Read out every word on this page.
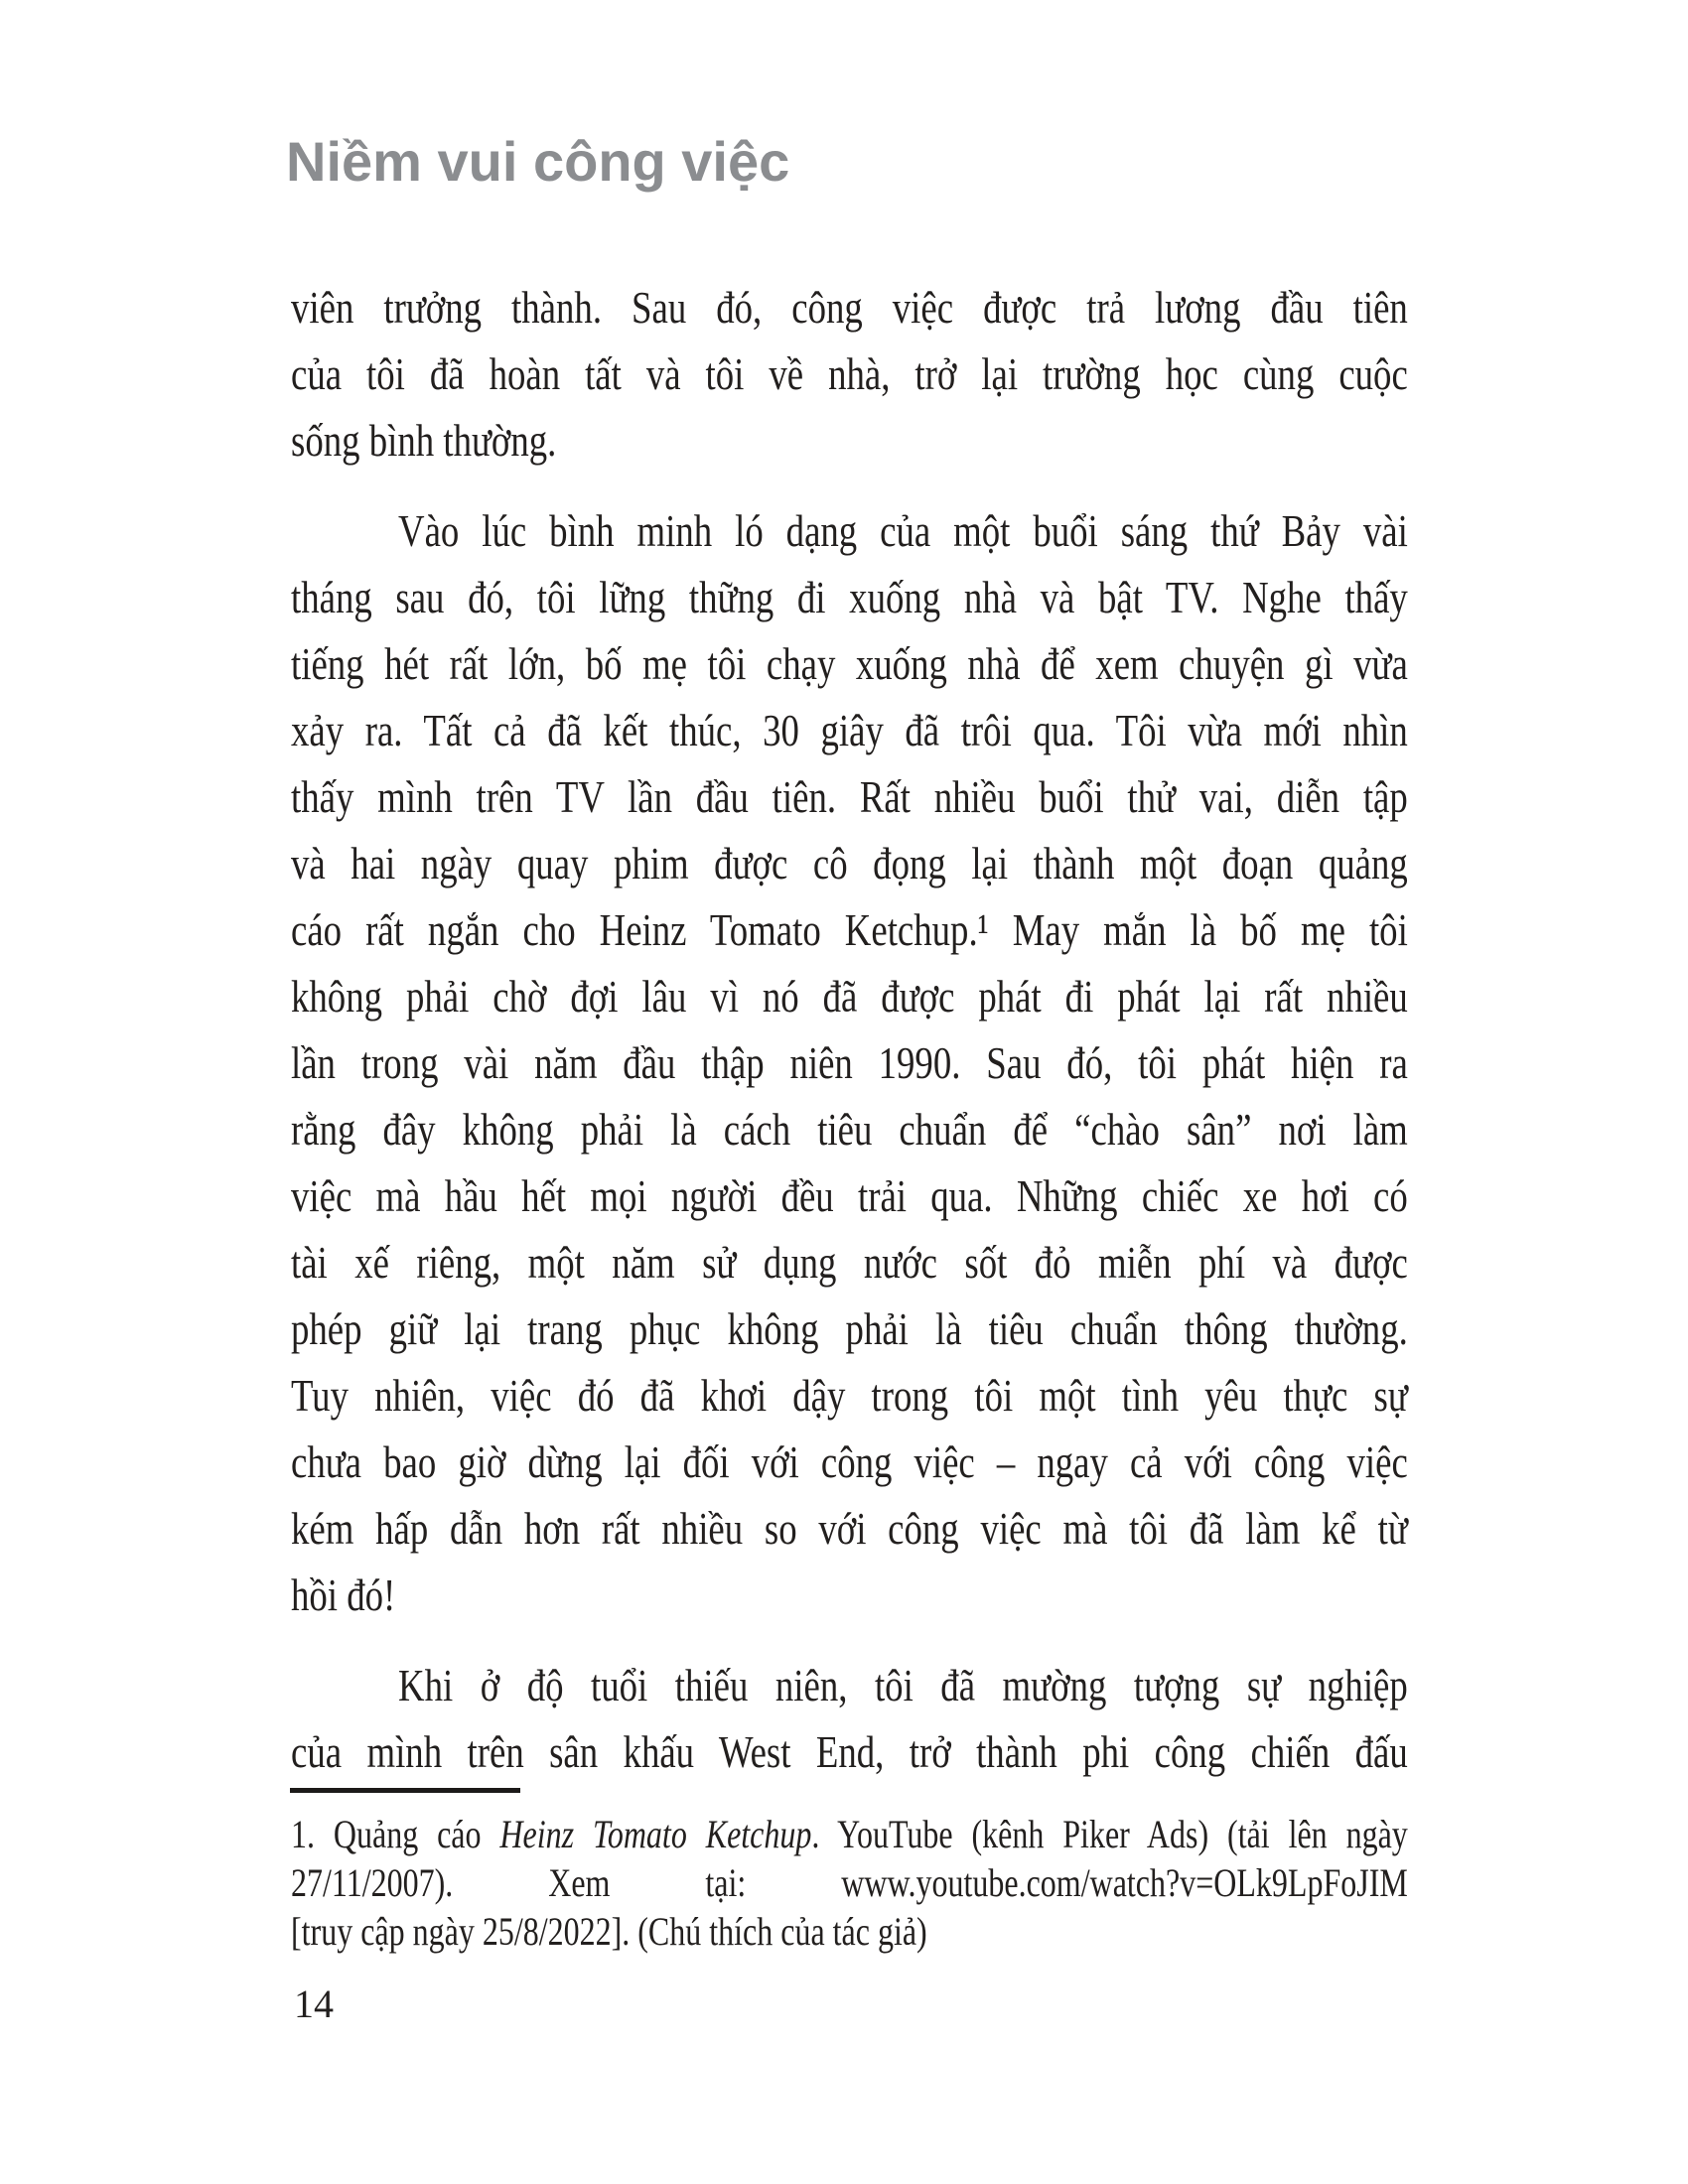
Niềm vui công việc
viên trưởng thành. Sau đó, công việc được trả lương đầu tiên
của tôi đã hoàn tất và tôi về nhà, trở lại trường học cùng cuộc
sống bình thường.
Vào lúc bình minh ló dạng của một buổi sáng thứ Bảy vài
tháng sau đó, tôi lững thững đi xuống nhà và bật TV. Nghe thấy
tiếng hét rất lớn, bố mẹ tôi chạy xuống nhà để xem chuyện gì vừa
xảy ra. Tất cả đã kết thúc, 30 giây đã trôi qua. Tôi vừa mới nhìn
thấy mình trên TV lần đầu tiên. Rất nhiều buổi thử vai, diễn tập
và hai ngày quay phim được cô đọng lại thành một đoạn quảng
cáo rất ngắn cho Heinz Tomato Ketchup.¹ May mắn là bố mẹ tôi
không phải chờ đợi lâu vì nó đã được phát đi phát lại rất nhiều
lần trong vài năm đầu thập niên 1990. Sau đó, tôi phát hiện ra
rằng đây không phải là cách tiêu chuẩn để “chào sân” nơi làm
việc mà hầu hết mọi người đều trải qua. Những chiếc xe hơi có
tài xế riêng, một năm sử dụng nước sốt đỏ miễn phí và được
phép giữ lại trang phục không phải là tiêu chuẩn thông thường.
Tuy nhiên, việc đó đã khơi dậy trong tôi một tình yêu thực sự
chưa bao giờ dừng lại đối với công việc – ngay cả với công việc
kém hấp dẫn hơn rất nhiều so với công việc mà tôi đã làm kể từ
hồi đó!
Khi ở độ tuổi thiếu niên, tôi đã mường tượng sự nghiệp
của mình trên sân khấu West End, trở thành phi công chiến đấu
1. Quảng cáo Heinz Tomato Ketchup. YouTube (kênh Piker Ads) (tải lên ngày
27/11/2007). Xem tại: www.youtube.com/watch?v=OLk9LpFoJIM
[truy cập ngày 25/8/2022]. (Chú thích của tác giả)
14
